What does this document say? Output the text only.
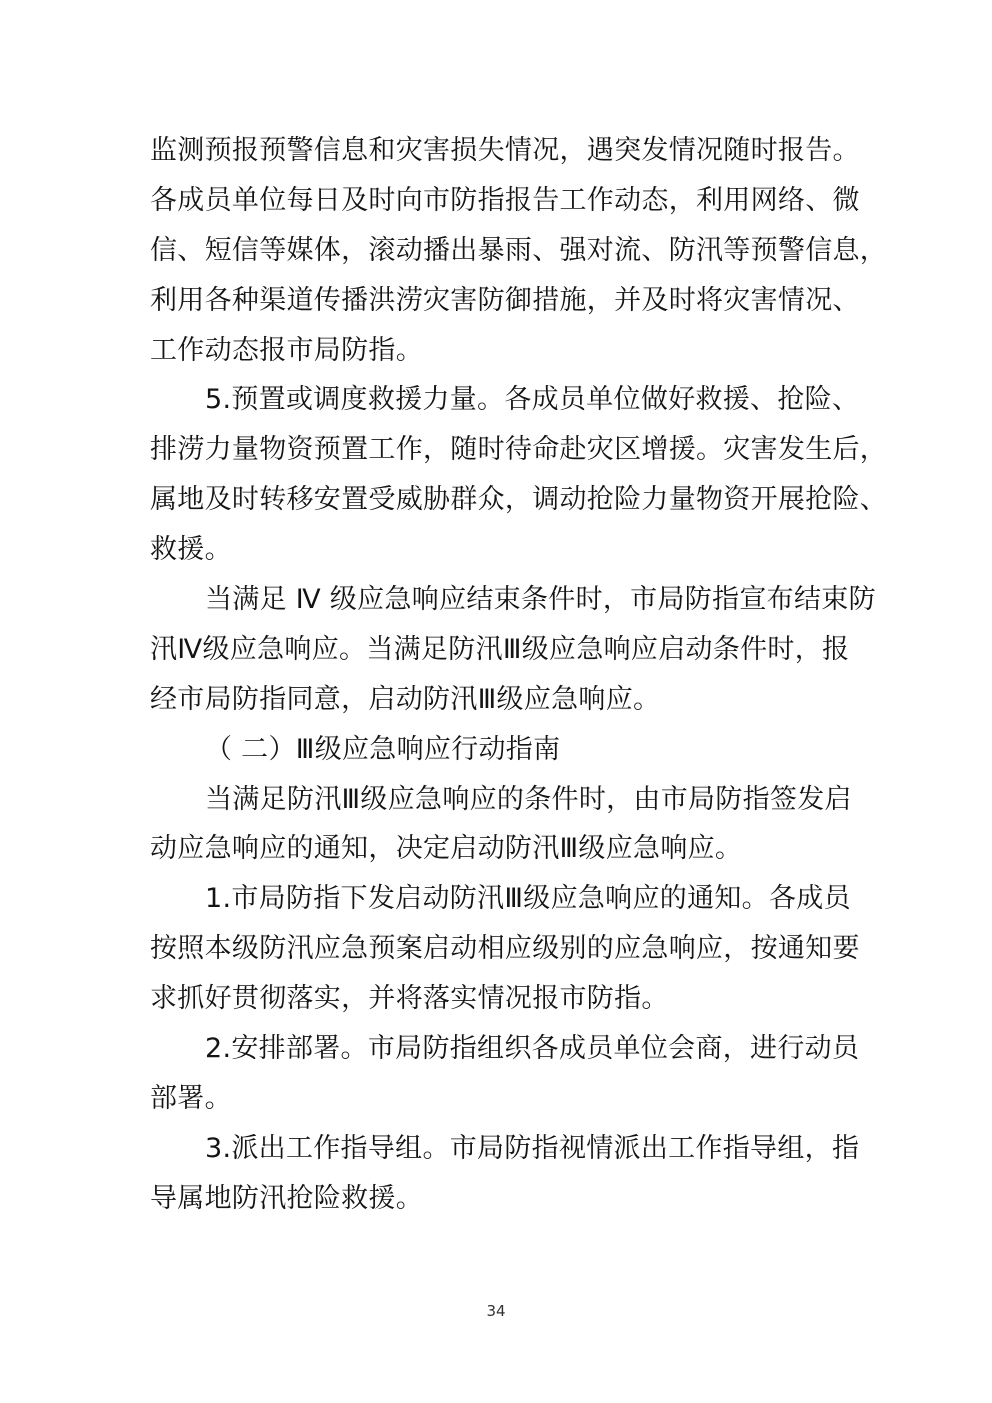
监测预报预警信息和灾害损失情况，遇突发情况随时报告。
各成员单位每日及时向市防指报告工作动态，利用网络、微
信、短信等媒体，滚动播出暴雨、强对流、防汛等预警信息，
利用各种渠道传播洪涝灾害防御措施，并及时将灾害情况、
工作动态报市局防指。
5.预置或调度救援力量。各成员单位做好救援、抢险、
排涝力量物资预置工作，随时待命赴灾区增援。灾害发生后，
属地及时转移安置受威胁群众，调动抢险力量物资开展抢险、
救援。
当满足 Ⅳ 级应急响应结束条件时，市局防指宣布结束防
汛Ⅳ级应急响应。当满足防汛Ⅲ级应急响应启动条件时，报
经市局防指同意，启动防汛Ⅲ级应急响应。
（ 二）Ⅲ级应急响应行动指南
当满足防汛Ⅲ级应急响应的条件时，由市局防指签发启
动应急响应的通知，决定启动防汛Ⅲ级应急响应。
1.市局防指下发启动防汛Ⅲ级应急响应的通知。各成员
按照本级防汛应急预案启动相应级别的应急响应，按通知要
求抓好贯彻落实，并将落实情况报市防指。
2.安排部署。市局防指组织各成员单位会商，进行动员
部署。
3.派出工作指导组。市局防指视情派出工作指导组，指
导属地防汛抢险救援。
34
